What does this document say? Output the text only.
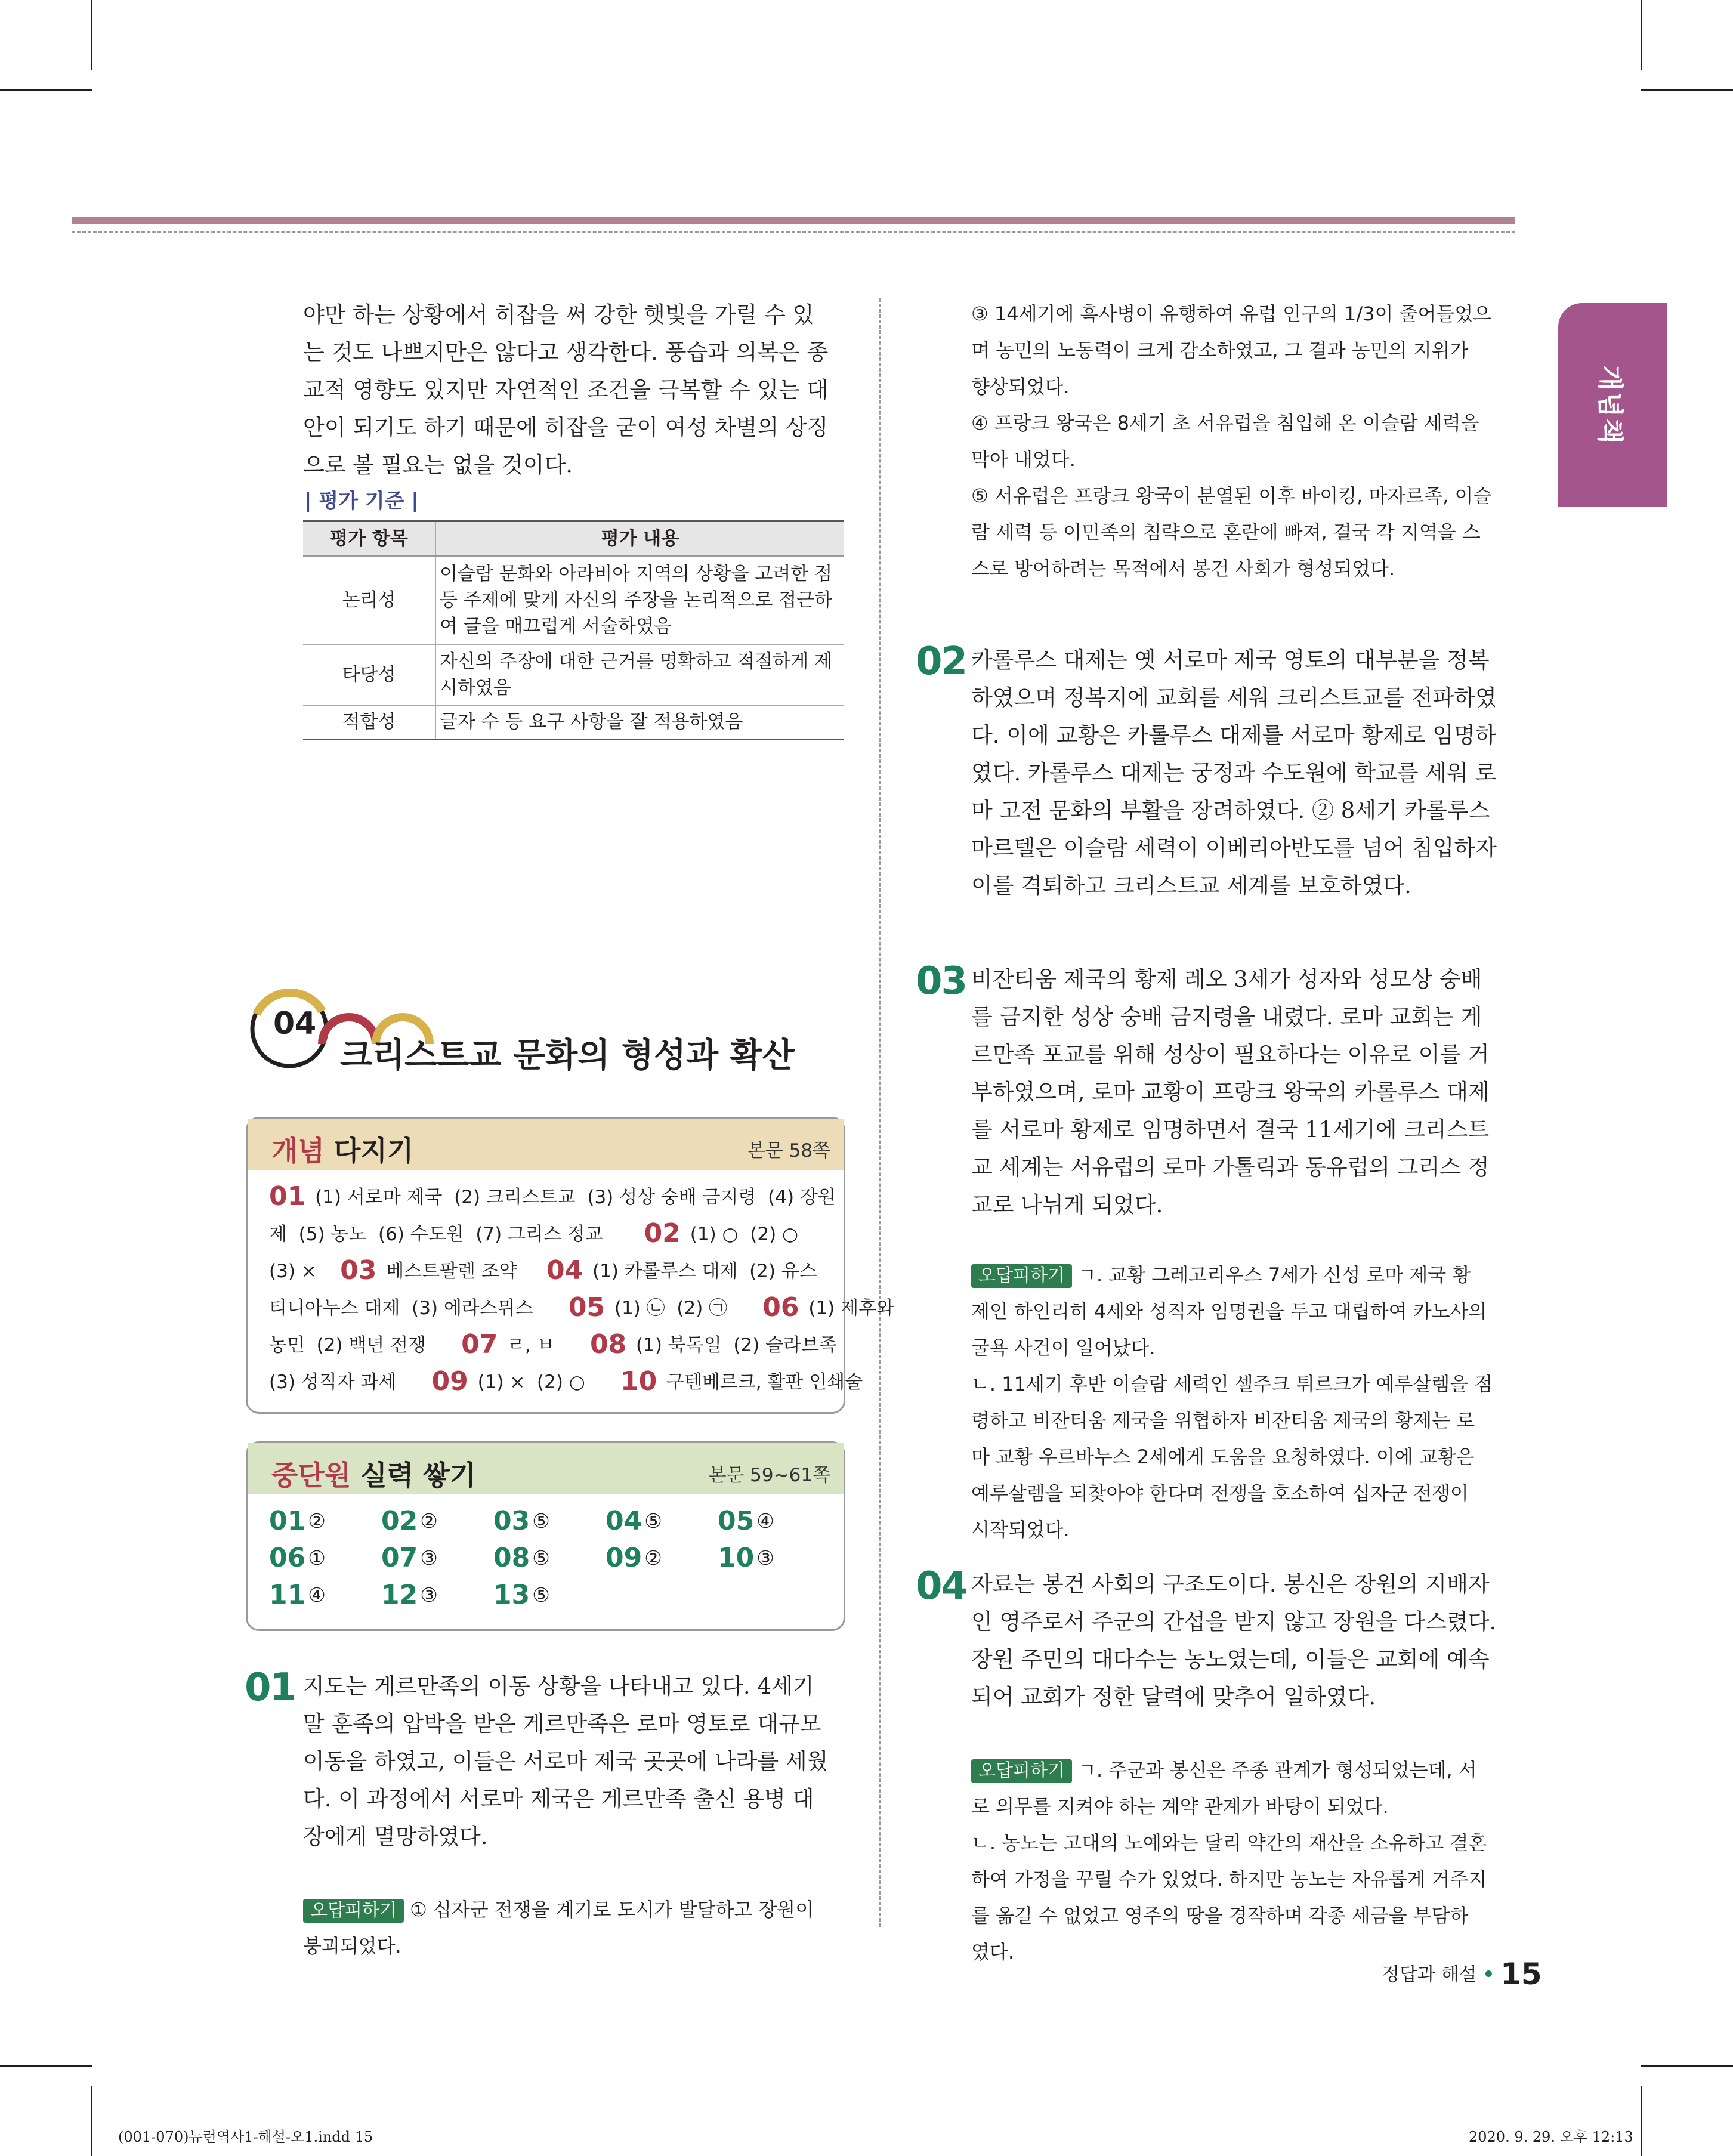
개념책
야만 하는 상황에서 히잡을 써 강한 햇빛을 가릴 수 있
는 것도 나쁘지만은 않다고 생각한다. 풍습과 의복은 종
교적 영향도 있지만 자연적인 조건을 극복할 수 있는 대
안이 되기도 하기 때문에 히잡을 굳이 여성 차별의 상징
으로 볼 필요는 없을 것이다.
| 평가 기준 |
평가 항목	평가 내용
논리성	이슬람 문화와 아라비아 지역의 상황을 고려한 점
등 주제에 맞게 자신의 주장을 논리적으로 접근하
여 글을 매끄럽게 서술하였음
타당성	자신의 주장에 대한 근거를 명확하고 적절하게 제
시하였음
적합성	글자 수 등 요구 사항을 잘 적용하였음
04
크리스트교 문화의 형성과 확산
개념 다지기	본문 58쪽
01 (1) 서로마 제국  (2) 크리스트교  (3) 성상 숭배 금지령  (4) 장원
제  (5) 농노  (6) 수도원  (7) 그리스 정교       02 (1) ○  (2) ○
(3) ×    03 베스트팔렌 조약     04 (1) 카롤루스 대제  (2) 유스
티니아누스 대제  (3) 에라스뮈스      05 (1) ㉡  (2) ㉠      06 (1) 제후와
농민  (2) 백년 전쟁      07 ㄹ, ㅂ      08 (1) 북독일  (2) 슬라브족
(3) 성직자 과세      09 (1) ×  (2) ○      10 구텐베르크, 활판 인쇄술
중단원 실력 쌓기	본문 59~61쪽
01 ②	02 ②	03 ⑤	04 ⑤	05 ④
06 ①	07 ③	08 ⑤	09 ②	10 ③
11 ④	12 ③	13 ⑤
01 지도는 게르만족의 이동 상황을 나타내고 있다. 4세기
말 훈족의 압박을 받은 게르만족은 로마 영토로 대규모
이동을 하였고, 이들은 서로마 제국 곳곳에 나라를 세웠
다. 이 과정에서 서로마 제국은 게르만족 출신 용병 대
장에게 멸망하였다.

오답피하기 ① 십자군 전쟁을 계기로 도시가 발달하고 장원이
붕괴되었다.

③ 14세기에 흑사병이 유행하여 유럽 인구의 1/3이 줄어들었으
며 농민의 노동력이 크게 감소하였고, 그 결과 농민의 지위가
향상되었다.
④ 프랑크 왕국은 8세기 초 서유럽을 침입해 온 이슬람 세력을
막아 내었다.
⑤ 서유럽은 프랑크 왕국이 분열된 이후 바이킹, 마자르족, 이슬
람 세력 등 이민족의 침략으로 혼란에 빠져, 결국 각 지역을 스
스로 방어하려는 목적에서 봉건 사회가 형성되었다.
02 카롤루스 대제는 옛 서로마 제국 영토의 대부분을 정복
하였으며 정복지에 교회를 세워 크리스트교를 전파하였
다. 이에 교황은 카롤루스 대제를 서로마 황제로 임명하
였다. 카롤루스 대제는 궁정과 수도원에 학교를 세워 로
마 고전 문화의 부활을 장려하였다. ② 8세기 카롤루스
마르텔은 이슬람 세력이 이베리아반도를 넘어 침입하자
이를 격퇴하고 크리스트교 세계를 보호하였다.
03 비잔티움 제국의 황제 레오 3세가 성자와 성모상 숭배
를 금지한 성상 숭배 금지령을 내렸다. 로마 교회는 게
르만족 포교를 위해 성상이 필요하다는 이유로 이를 거
부하였으며, 로마 교황이 프랑크 왕국의 카롤루스 대제
를 서로마 황제로 임명하면서 결국 11세기에 크리스트
교 세계는 서유럽의 로마 가톨릭과 동유럽의 그리스 정
교로 나뉘게 되었다.

오답피하기 ㄱ. 교황 그레고리우스 7세가 신성 로마 제국 황
제인 하인리히 4세와 성직자 임명권을 두고 대립하여 카노사의
굴욕 사건이 일어났다.
ㄴ. 11세기 후반 이슬람 세력인 셀주크 튀르크가 예루살렘을 점
령하고 비잔티움 제국을 위협하자 비잔티움 제국의 황제는 로
마 교황 우르바누스 2세에게 도움을 요청하였다. 이에 교황은
예루살렘을 되찾아야 한다며 전쟁을 호소하여 십자군 전쟁이
시작되었다.

04 자료는 봉건 사회의 구조도이다. 봉신은 장원의 지배자
인 영주로서 주군의 간섭을 받지 않고 장원을 다스렸다.
장원 주민의 대다수는 농노였는데, 이들은 교회에 예속
되어 교회가 정한 달력에 맞추어 일하였다.

오답피하기 ㄱ. 주군과 봉신은 주종 관계가 형성되었는데, 서
로 의무를 지켜야 하는 계약 관계가 바탕이 되었다.
ㄴ. 농노는 고대의 노예와는 달리 약간의 재산을 소유하고 결혼
하여 가정을 꾸릴 수가 있었다. 하지만 농노는 자유롭게 거주지
를 옮길 수 없었고 영주의 땅을 경작하며 각종 세금을 부담하
였다.

정답과 해설 • 15
(001-070)뉴런역사1-해설-오1.indd 15	2020. 9. 29. 오후 12:13
